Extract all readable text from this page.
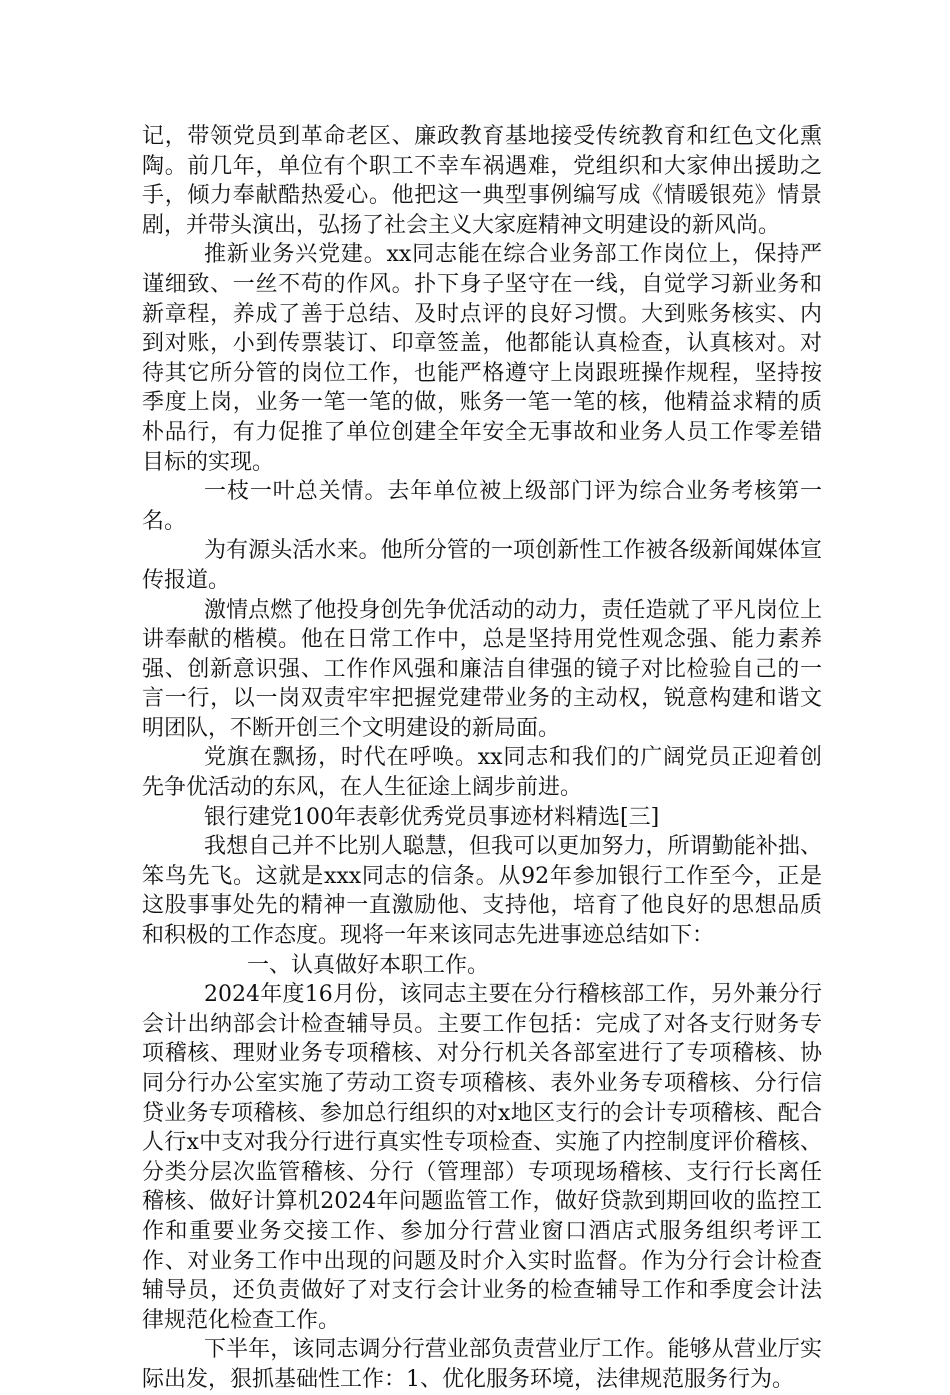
记，带领党员到革命老区、廉政教育基地接受传统教育和红色文化熏陶。前几年，单位有个职工不幸车祸遇难，党组织和大家伸出援助之手，倾力奉献酷热爱心。他把这一典型事例编写成《情暖银苑》情景剧，并带头演出，弘扬了社会主义大家庭精神文明建设的新风尚。

推新业务兴党建。xx同志能在综合业务部工作岗位上，保持严谨细致、一丝不苟的作风。扑下身子坚守在一线，自觉学习新业务和新章程，养成了善于总结、及时点评的良好习惯。大到账务核实、内到对账，小到传票装订、印章签盖，他都能认真检查，认真核对。对待其它所分管的岗位工作，也能严格遵守上岗跟班操作规程，坚持按季度上岗，业务一笔一笔的做，账务一笔一笔的核，他精益求精的质朴品行，有力促推了单位创建全年安全无事故和业务人员工作零差错目标的实现。

一枝一叶总关情。去年单位被上级部门评为综合业务考核第一名。

为有源头活水来。他所分管的一项创新性工作被各级新闻媒体宣传报道。

激情点燃了他投身创先争优活动的动力，责任造就了平凡岗位上讲奉献的楷模。他在日常工作中，总是坚持用党性观念强、能力素养强、创新意识强、工作作风强和廉洁自律强的镜子对比检验自己的一言一行，以一岗双责牢牢把握党建带业务的主动权，锐意构建和谐文明团队，不断开创三个文明建设的新局面。

党旗在飘扬，时代在呼唤。xx同志和我们的广阔党员正迎着创先争优活动的东风，在人生征途上阔步前进。

银行建党100年表彰优秀党员事迹材料精选[三]

我想自己并不比别人聪慧，但我可以更加努力，所谓勤能补拙、笨鸟先飞。这就是xxx同志的信条。从92年参加银行工作至今，正是这股事事处先的精神一直激励他、支持他，培育了他良好的思想品质和积极的工作态度。现将一年来该同志先进事迹总结如下：

一、认真做好本职工作。

2024年度16月份，该同志主要在分行稽核部工作，另外兼分行会计出纳部会计检查辅导员。主要工作包括：完成了对各支行财务专项稽核、理财业务专项稽核、对分行机关各部室进行了专项稽核、协同分行办公室实施了劳动工资专项稽核、表外业务专项稽核、分行信贷业务专项稽核、参加总行组织的对x地区支行的会计专项稽核、配合人行x中支对我分行进行真实性专项检查、实施了内控制度评价稽核、分类分层次监管稽核、分行（管理部）专项现场稽核、支行行长离任稽核、做好计算机2024年问题监管工作，做好贷款到期回收的监控工作和重要业务交接工作、参加分行营业窗口酒店式服务组织考评工作、对业务工作中出现的问题及时介入实时监督。作为分行会计检查辅导员，还负责做好了对支行会计业务的检查辅导工作和季度会计法律规范化检查工作。

下半年，该同志调分行营业部负责营业厅工作。能够从营业厅实际出发，狠抓基础性工作：1、优化服务环境，法律规范服务行为。
